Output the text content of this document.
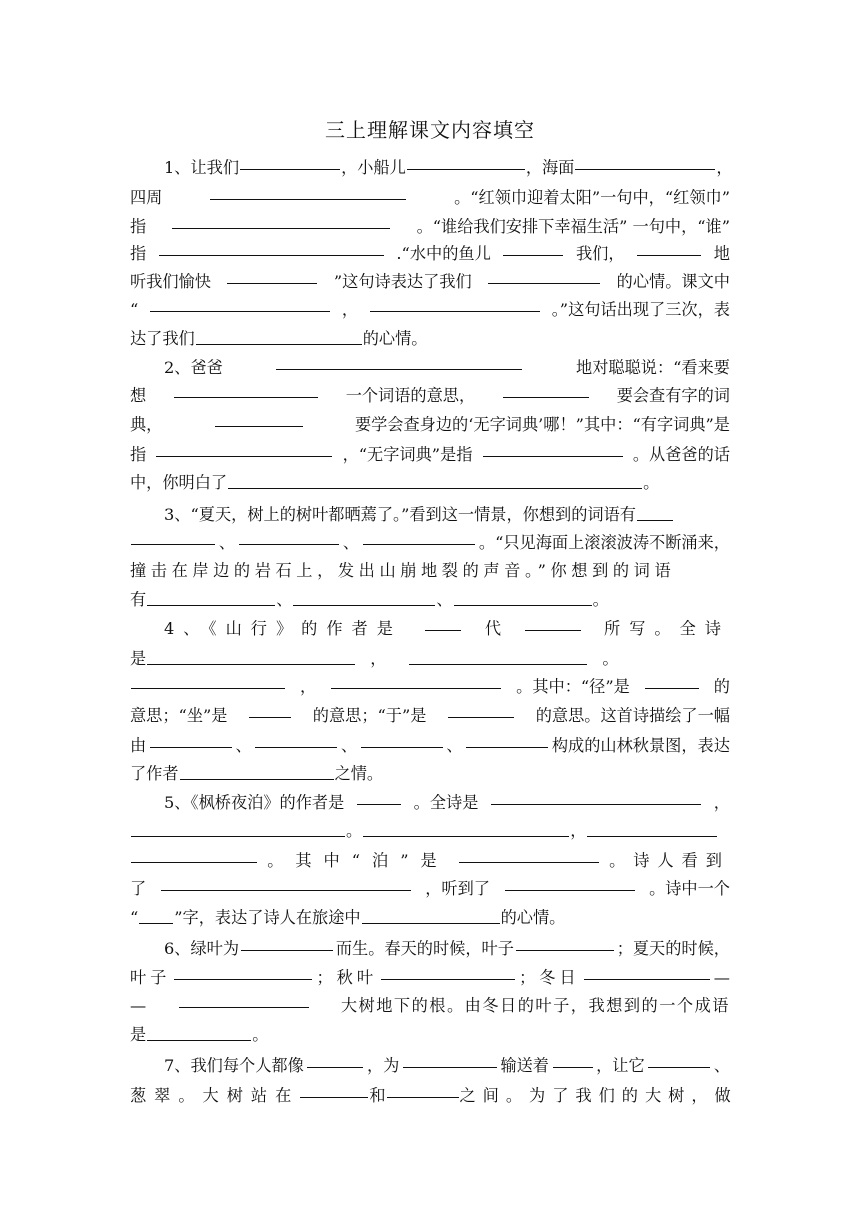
三上理解课文内容填空
1、让我们	，小船儿	，海面	，
四周	。“红领巾迎着太阳”一句中，“红领巾”
指	。“谁给我们安排下幸福生活” 一句中，“谁”
指	.“水中的鱼儿	我们，	地
听我们愉快	”这句诗表达了我们	的心情。课文中
“	，	。”这句话出现了三次，表
达了我们	的心情。
2、爸爸	地对聪聪说：“看来要
想	一个词语的意思，	要会查有字的词
典，	要学会查身边的‘无字词典’哪！”其中：“有字词典”是
指	，“无字词典”是指	。从爸爸的话
中，你明白了	。
3、“夏天，树上的树叶都晒蔫了。”看到这一情景，你想到的词语有
、	、	。“只见海面上滚滚波涛不断涌来，
撞击在岸边的岩石上，发出山崩地裂的声音。”你想到的词语
有	、	、	。
4、《山行》的作者是	代	所写。全诗
是	，	。
，	。其中：“径”是	的
意思；“坐”是	的意思；“于”是	的意思。这首诗描绘了一幅
由	、	、	、	构成的山林秋景图，表达
了作者	之情。
5、《枫桥夜泊》的作者是	。全诗是	，
。	，
。其中“泊”是	。诗人看到
了	，听到了	。诗中一个
“ ”字，表达了诗人在旅途中	的心情。
6、绿叶为	而生。春天的时候，叶子	；夏天的时候，
叶子	；秋叶	；冬日	—
—	大树地下的根。由冬日的叶子，我想到的一个成语
是	。
7、我们每个人都像	，为	输送着	，让它	、
葱翠。大树站在	和	之间。为了我们的大树，做
